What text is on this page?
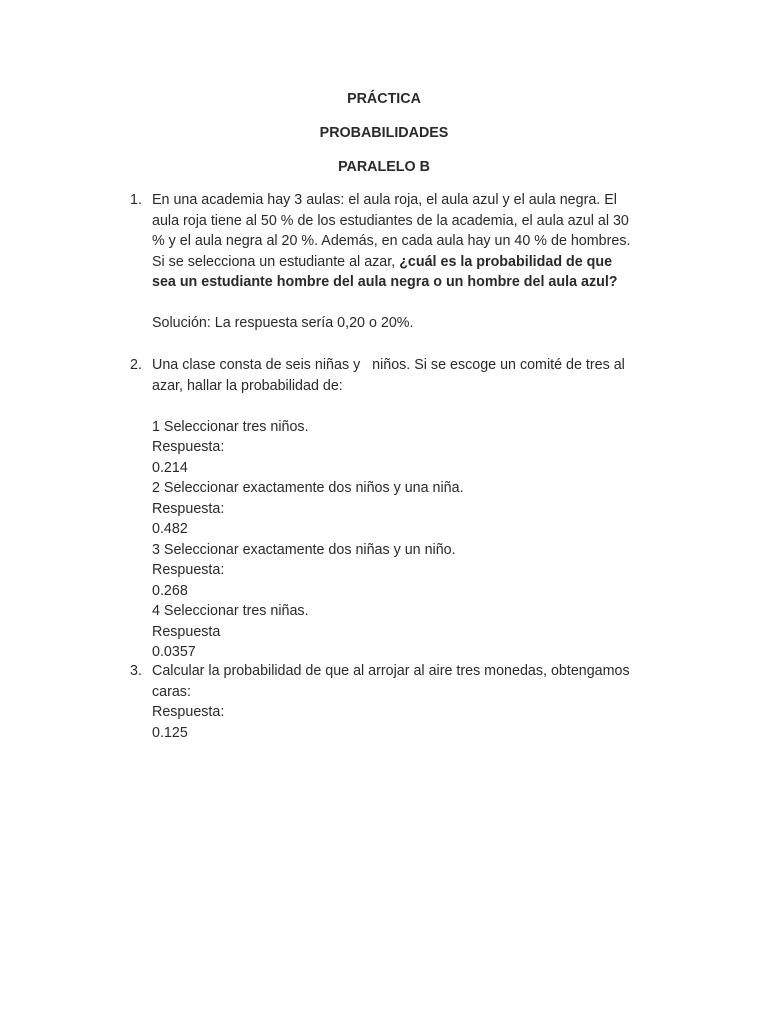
PRÁCTICA
PROBABILIDADES
PARALELO B
1. En una academia hay 3 aulas: el aula roja, el aula azul y el aula negra. El
aula roja tiene al 50 % de los estudiantes de la academia, el aula azul al 30
% y el aula negra al 20 %. Además, en cada aula hay un 40 % de hombres.
Si se selecciona un estudiante al azar, ¿cuál es la probabilidad de que
sea un estudiante hombre del aula negra o un hombre del aula azul?
Solución: La respuesta sería 0,20 o 20%.
2. Una clase consta de seis niñas y   niños. Si se escoge un comité de tres al
azar, hallar la probabilidad de:
1 Seleccionar tres niños.
Respuesta:
0.214
2 Seleccionar exactamente dos niños y una niña.
Respuesta:
0.482
3 Seleccionar exactamente dos niñas y un niño.
Respuesta:
0.268
4 Seleccionar tres niñas.
Respuesta
0.0357
3. Calcular la probabilidad de que al arrojar al aire tres monedas, obtengamos
caras:
Respuesta:
0.125
